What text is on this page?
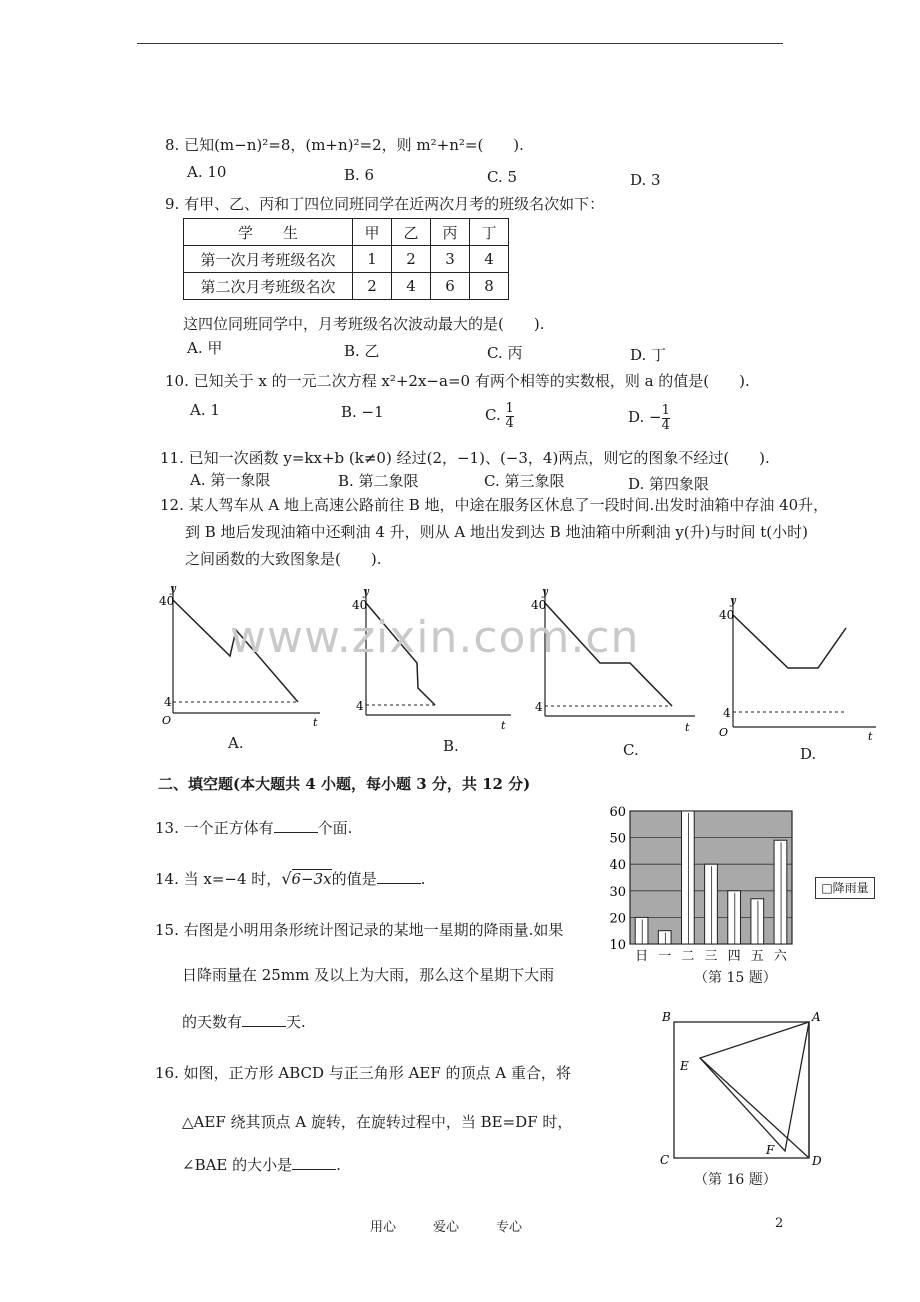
8. 已知(m−n)²=8，(m+n)²=2，则 m²+n²=(　　).
A. 10	B. 6	C. 5	D. 3
9. 有甲、乙、丙和丁四位同班同学在近两次月考的班级名次如下：
学　　生	甲	乙	丙	丁
第一次月考班级名次	1	2	3	4
第二次月考班级名次	2	4	6	8
这四位同班同学中，月考班级名次波动最大的是(　　).
A. 甲	B. 乙	C. 丙	D. 丁
10. 已知关于 x 的一元二次方程 x²+2x−a=0 有两个相等的实数根，则 a 的值是(　　).
A. 1	B. −1	C. $\frac{1}{4}$	D. − $\frac{1}{4}$
11. 已知一次函数 y=kx+b (k≠0) 经过(2，−1)、(−3，4)两点，则它的图象不经过(　　).
A. 第一象限	B. 第二象限	C. 第三象限	D. 第四象限
12. 某人驾车从 A 地上高速公路前往 B 地，中途在服务区休息了一段时间.出发时油箱中存油 40升，
到 B 地后发现油箱中还剩油 4 升，则从 A 地出发到达 B 地油箱中所剩油 y(升)与时间 t(小时)
之间函数的大致图象是(　　).
y
40
4
O	t
A.
y
40
4
t
B.
y
40
4
t
C.
y
40
4
O	t
D.
www.zixin.com.cn
二、填空题(本大题共 4 小题，每小题 3 分，共 12 分)
13. 一个正方体有	个面.
14. 当 x=−4 时，√6−3x的值是	.
15. 右图是小明用条形统计图记录的某地一星期的降雨量.如果
日降雨量在 25mm 及以上为大雨，那么这个星期下大雨
的天数有	天.
10
20
30
40
50
60
日 一 二 三 四 五 六
（第 15 题）
□降雨量
16. 如图，正方形 ABCD 与正三角形 AEF 的顶点 A 重合，将
△AEF 绕其顶点 A 旋转，在旋转过程中，当 BE=DF 时，
∠BAE 的大小是	.
B	A
C	D
E
F
（第 16 题）
用心	爱心	专心	2
